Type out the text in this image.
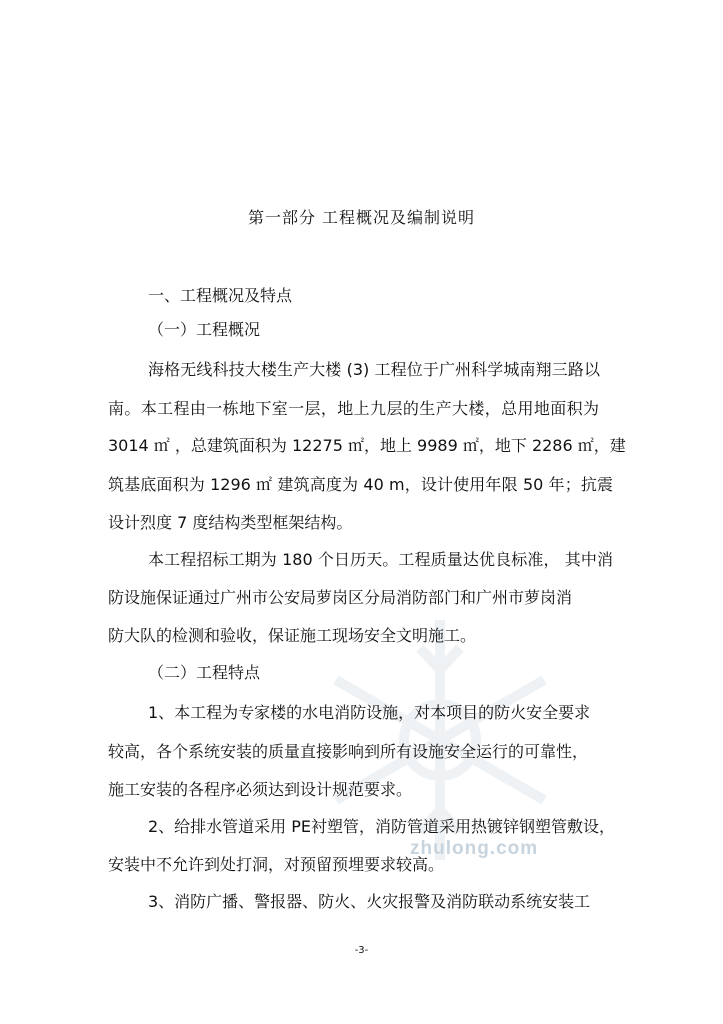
zhulong.com
第一部分 工程概况及编制说明
一、工程概况及特点
（一）工程概况
海格无线科技大楼生产大楼 (3) 工程位于广州科学城南翔三路以
南。本工程由一栋地下室一层，地上九层的生产大楼，总用地面积为
3014 ㎡ ，总建筑面积为 12275 ㎡，地上 9989 ㎡，地下 2286 ㎡，建
筑基底面积为 1296 ㎡ 建筑高度为 40 m，设计使用年限 50 年；抗震
设计烈度 7 度结构类型框架结构。
本工程招标工期为 180 个日历天。工程质量达优良标准， 其中消
防设施保证通过广州市公安局萝岗区分局消防部门和广州市萝岗消
防大队的检测和验收，保证施工现场安全文明施工。
（二）工程特点
1、本工程为专家楼的水电消防设施，对本项目的防火安全要求
较高，各个系统安装的质量直接影响到所有设施安全运行的可靠性，
施工安装的各程序必须达到设计规范要求。
2、给排水管道采用 PE衬塑管，消防管道采用热镀锌钢塑管敷设，
安装中不允许到处打洞，对预留预埋要求较高。
3、消防广播、警报器、防火、火灾报警及消防联动系统安装工
-3-
